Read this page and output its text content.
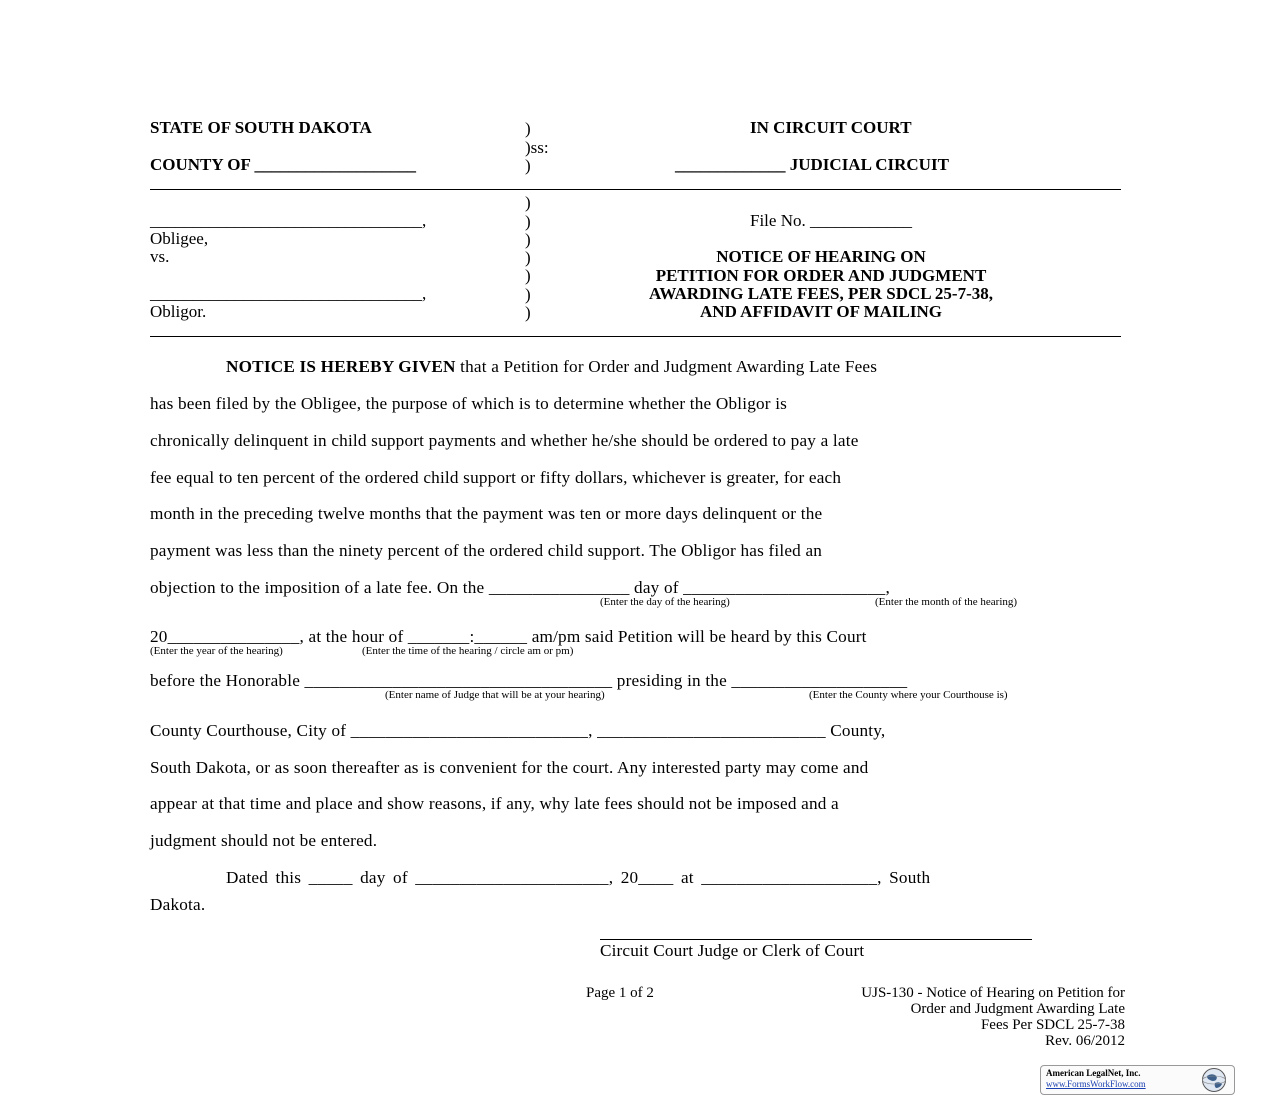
STATE OF SOUTH DAKOTA	)
)ss:
)
COUNTY OF ___________________
IN CIRCUIT COURT
_____________ JUDICIAL CIRCUIT
)
________________________________,	)
Obligee,	)
vs.	)
)
________________________________,	)
Obligor.	)
File No. ____________
NOTICE OF HEARING ON
PETITION FOR ORDER AND JUDGMENT
AWARDING LATE FEES, PER SDCL 25-7-38,
AND AFFIDAVIT OF MAILING
NOTICE IS HEREBY GIVEN that a Petition for Order and Judgment Awarding Late Fees
has been filed by the Obligee, the purpose of which is to determine whether the Obligor is
chronically delinquent in child support payments and whether he/she should be ordered to pay a late
fee equal to ten percent of the ordered child support or fifty dollars, whichever is greater, for each
month in the preceding twelve months that the payment was ten or more days delinquent or the
payment was less than the ninety percent of the ordered child support. The Obligor has filed an
objection to the imposition of a late fee. On the ________________ day of _______________________,
(Enter the day of the hearing)	(Enter the month of the hearing)
20_______________, at the hour of _______:______ am/pm said Petition will be heard by this Court
(Enter the year of the hearing)	(Enter the time of the hearing / circle am or pm)
before the Honorable ___________________________________ presiding in the ____________________
(Enter name of Judge that will be at your hearing)	(Enter the County where your Courthouse is)
County Courthouse, City of ___________________________, __________________________ County,
South Dakota, or as soon thereafter as is convenient for the court. Any interested party may come and
appear at that time and place and show reasons, if any, why late fees should not be imposed and a
judgment should not be entered.
Dated this _____ day of ______________________, 20____ at ____________________, South
Dakota.
Circuit Court Judge or Clerk of Court
Page 1 of 2	UJS-130 - Notice of Hearing on Petition for
Order and Judgment Awarding Late
Fees Per SDCL 25-7-38
Rev. 06/2012
American LegalNet, Inc.
www.FormsWorkFlow.com
